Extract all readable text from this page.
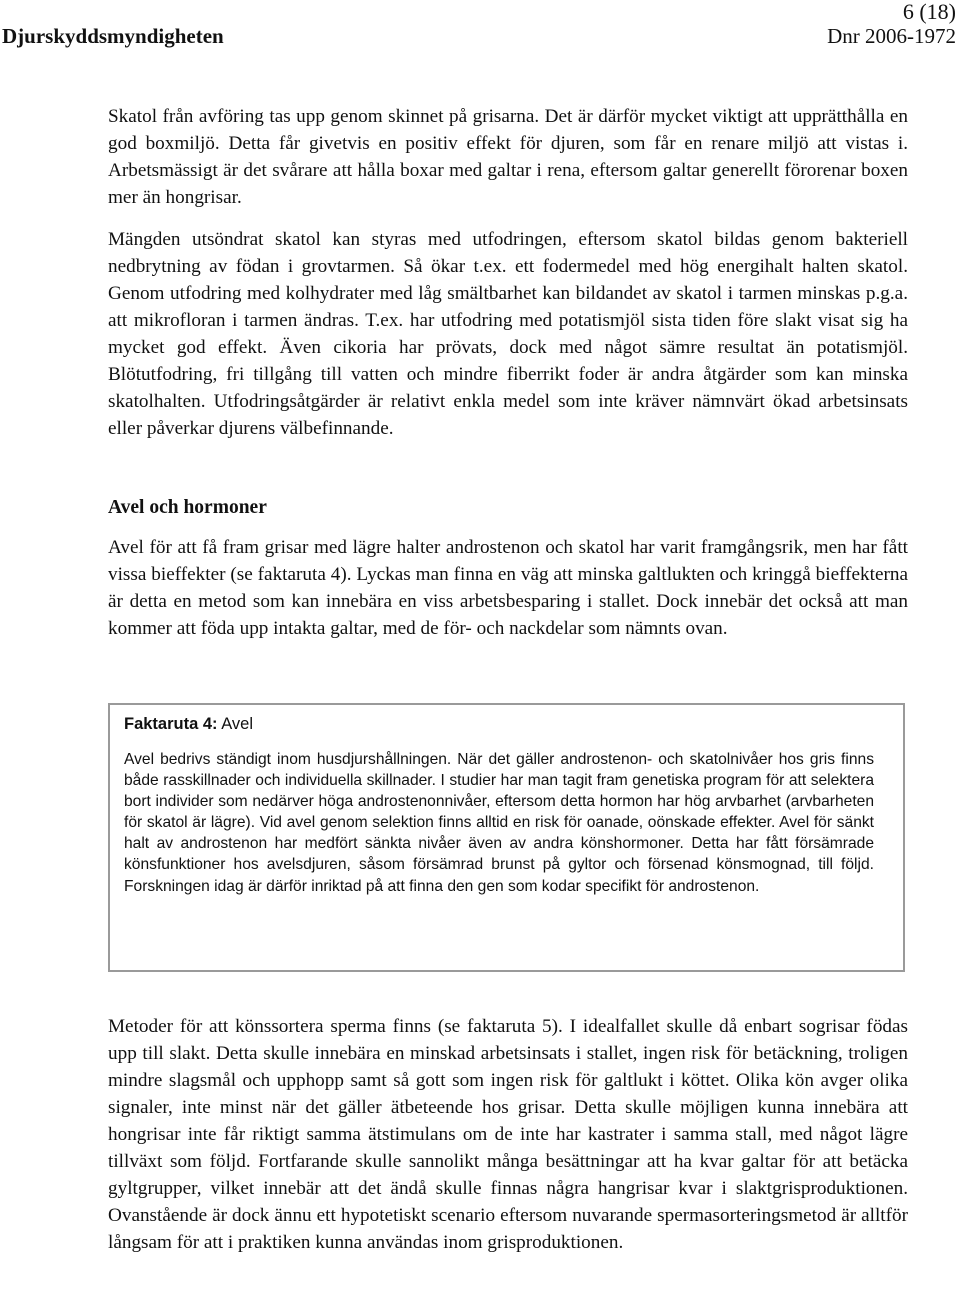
6 (18)
Djurskyddsmyndigheten	Dnr 2006-1972

Skatol från avföring tas upp genom skinnet på grisarna. Det är därför mycket viktigt att upprätthålla en god boxmiljö. Detta får givetvis en positiv effekt för djuren, som får en renare miljö att vistas i. Arbetsmässigt är det svårare att hålla boxar med galtar i rena, eftersom galtar generellt förorenar boxen mer än hongrisar.

Mängden utsöndrat skatol kan styras med utfodringen, eftersom skatol bildas genom bakteriell nedbrytning av födan i grovtarmen. Så ökar t.ex. ett fodermedel med hög energihalt halten skatol. Genom utfodring med kolhydrater med låg smältbarhet kan bildandet av skatol i tarmen minskas p.g.a. att mikrofloran i tarmen ändras. T.ex. har utfodring med potatismjöl sista tiden före slakt visat sig ha mycket god effekt. Även cikoria har prövats, dock med något sämre resultat än potatismjöl. Blötutfodring, fri tillgång till vatten och mindre fiberrikt foder är andra åtgärder som kan minska skatolhalten. Utfodringsåtgärder är relativt enkla medel som inte kräver nämnvärt ökad arbetsinsats eller påverkar djurens välbefinnande.

Avel och hormoner

Avel för att få fram grisar med lägre halter androstenon och skatol har varit framgångsrik, men har fått vissa bieffekter (se faktaruta 4). Lyckas man finna en väg att minska galtlukten och kringgå bieffekterna är detta en metod som kan innebära en viss arbetsbesparing i stallet. Dock innebär det också att man kommer att föda upp intakta galtar, med de för- och nackdelar som nämnts ovan.

Faktaruta 4: Avel

Avel bedrivs ständigt inom husdjurshållningen. När det gäller androstenon- och skatolnivåer hos gris finns både rasskillnader och individuella skillnader. I studier har man tagit fram genetiska program för att selektera bort individer som nedärver höga androstenonnivåer, eftersom detta hormon har hög arvbarhet (arvbarheten för skatol är lägre). Vid avel genom selektion finns alltid en risk för oanade, oönskade effekter. Avel för sänkt halt av androstenon har medfört sänkta nivåer även av andra könshormoner. Detta har fått försämrade könsfunktioner hos avelsdjuren, såsom försämrad brunst på gyltor och försenad könsmognad, till följd. Forskningen idag är därför inriktad på att finna den gen som kodar specifikt för androstenon.

Metoder för att könssortera sperma finns (se faktaruta 5). I idealfallet skulle då enbart sogrisar födas upp till slakt. Detta skulle innebära en minskad arbetsinsats i stallet, ingen risk för betäckning, troligen mindre slagsmål och upphopp samt så gott som ingen risk för galtlukt i köttet. Olika kön avger olika signaler, inte minst när det gäller ätbeteende hos grisar. Detta skulle möjligen kunna innebära att hongrisar inte får riktigt samma ätstimulans om de inte har kastrater i samma stall, med något lägre tillväxt som följd. Fortfarande skulle sannolikt många besättningar att ha kvar galtar för att betäcka gyltgrupper, vilket innebär att det ändå skulle finnas några hangrisar kvar i slaktgrisproduktionen. Ovanstående är dock ännu ett hypotetiskt scenario eftersom nuvarande spermasorteringsmetod är alltför långsam för att i praktiken kunna användas inom grisproduktionen.
